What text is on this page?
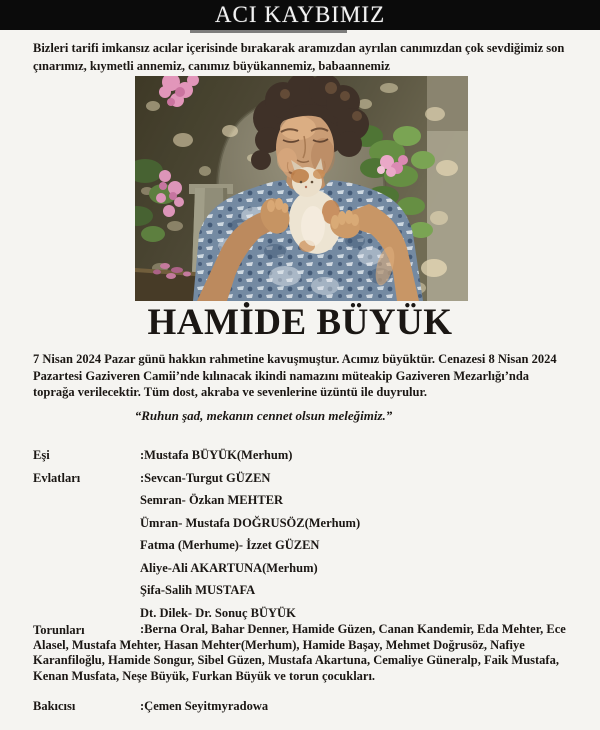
ACI KAYBIMIZ

Bizleri tarifi imkansız acılar içerisinde bırakarak aramızdan ayrılan canımızdan çok sevdiğimiz son çınarımız, kıymetli annemiz, canımız büyükannemiz, babaannemiz

HAMİDE BÜYÜK

7 Nisan 2024 Pazar günü hakkın rahmetine kavuşmuştur. Acımız büyüktür. Cenazesi 8 Nisan 2024 Pazartesi Gaziveren Camii’nde kılınacak ikindi namazını müteakip Gaziveren Mezarlığı’nda toprağa verilecektir. Tüm dost, akraba ve sevenlerine üzüntü ile duyrulur.

“Ruhun şad, mekanın cennet olsun meleğimiz.”

Eşi	:Mustafa BÜYÜK(Merhum)
Evlatları	:Sevcan-Turgut GÜZEN
Semran- Özkan MEHTER
Ümran- Mustafa DOĞRUSÖZ(Merhum)
Fatma (Merhume)- İzzet GÜZEN
Aliye-Ali AKARTUNA(Merhum)
Şifa-Salih MUSTAFA
Dt. Dilek- Dr. Sonuç BÜYÜK
Torunları	:Berna Oral, Bahar Denner, Hamide Güzen, Canan Kandemir, Eda Mehter, Ece Alasel, Mustafa Mehter, Hasan Mehter(Merhum), Hamide Başay, Mehmet Doğrusöz, Nafiye Karanfiloğlu, Hamide Songur, Sibel Güzen, Mustafa Akartuna, Cemaliye Güneralp, Faik Mustafa, Kenan Musfata, Neşe Büyük, Furkan Büyük ve torun çocukları.

Bakıcısı	:Çemen Seyitmyradowa
